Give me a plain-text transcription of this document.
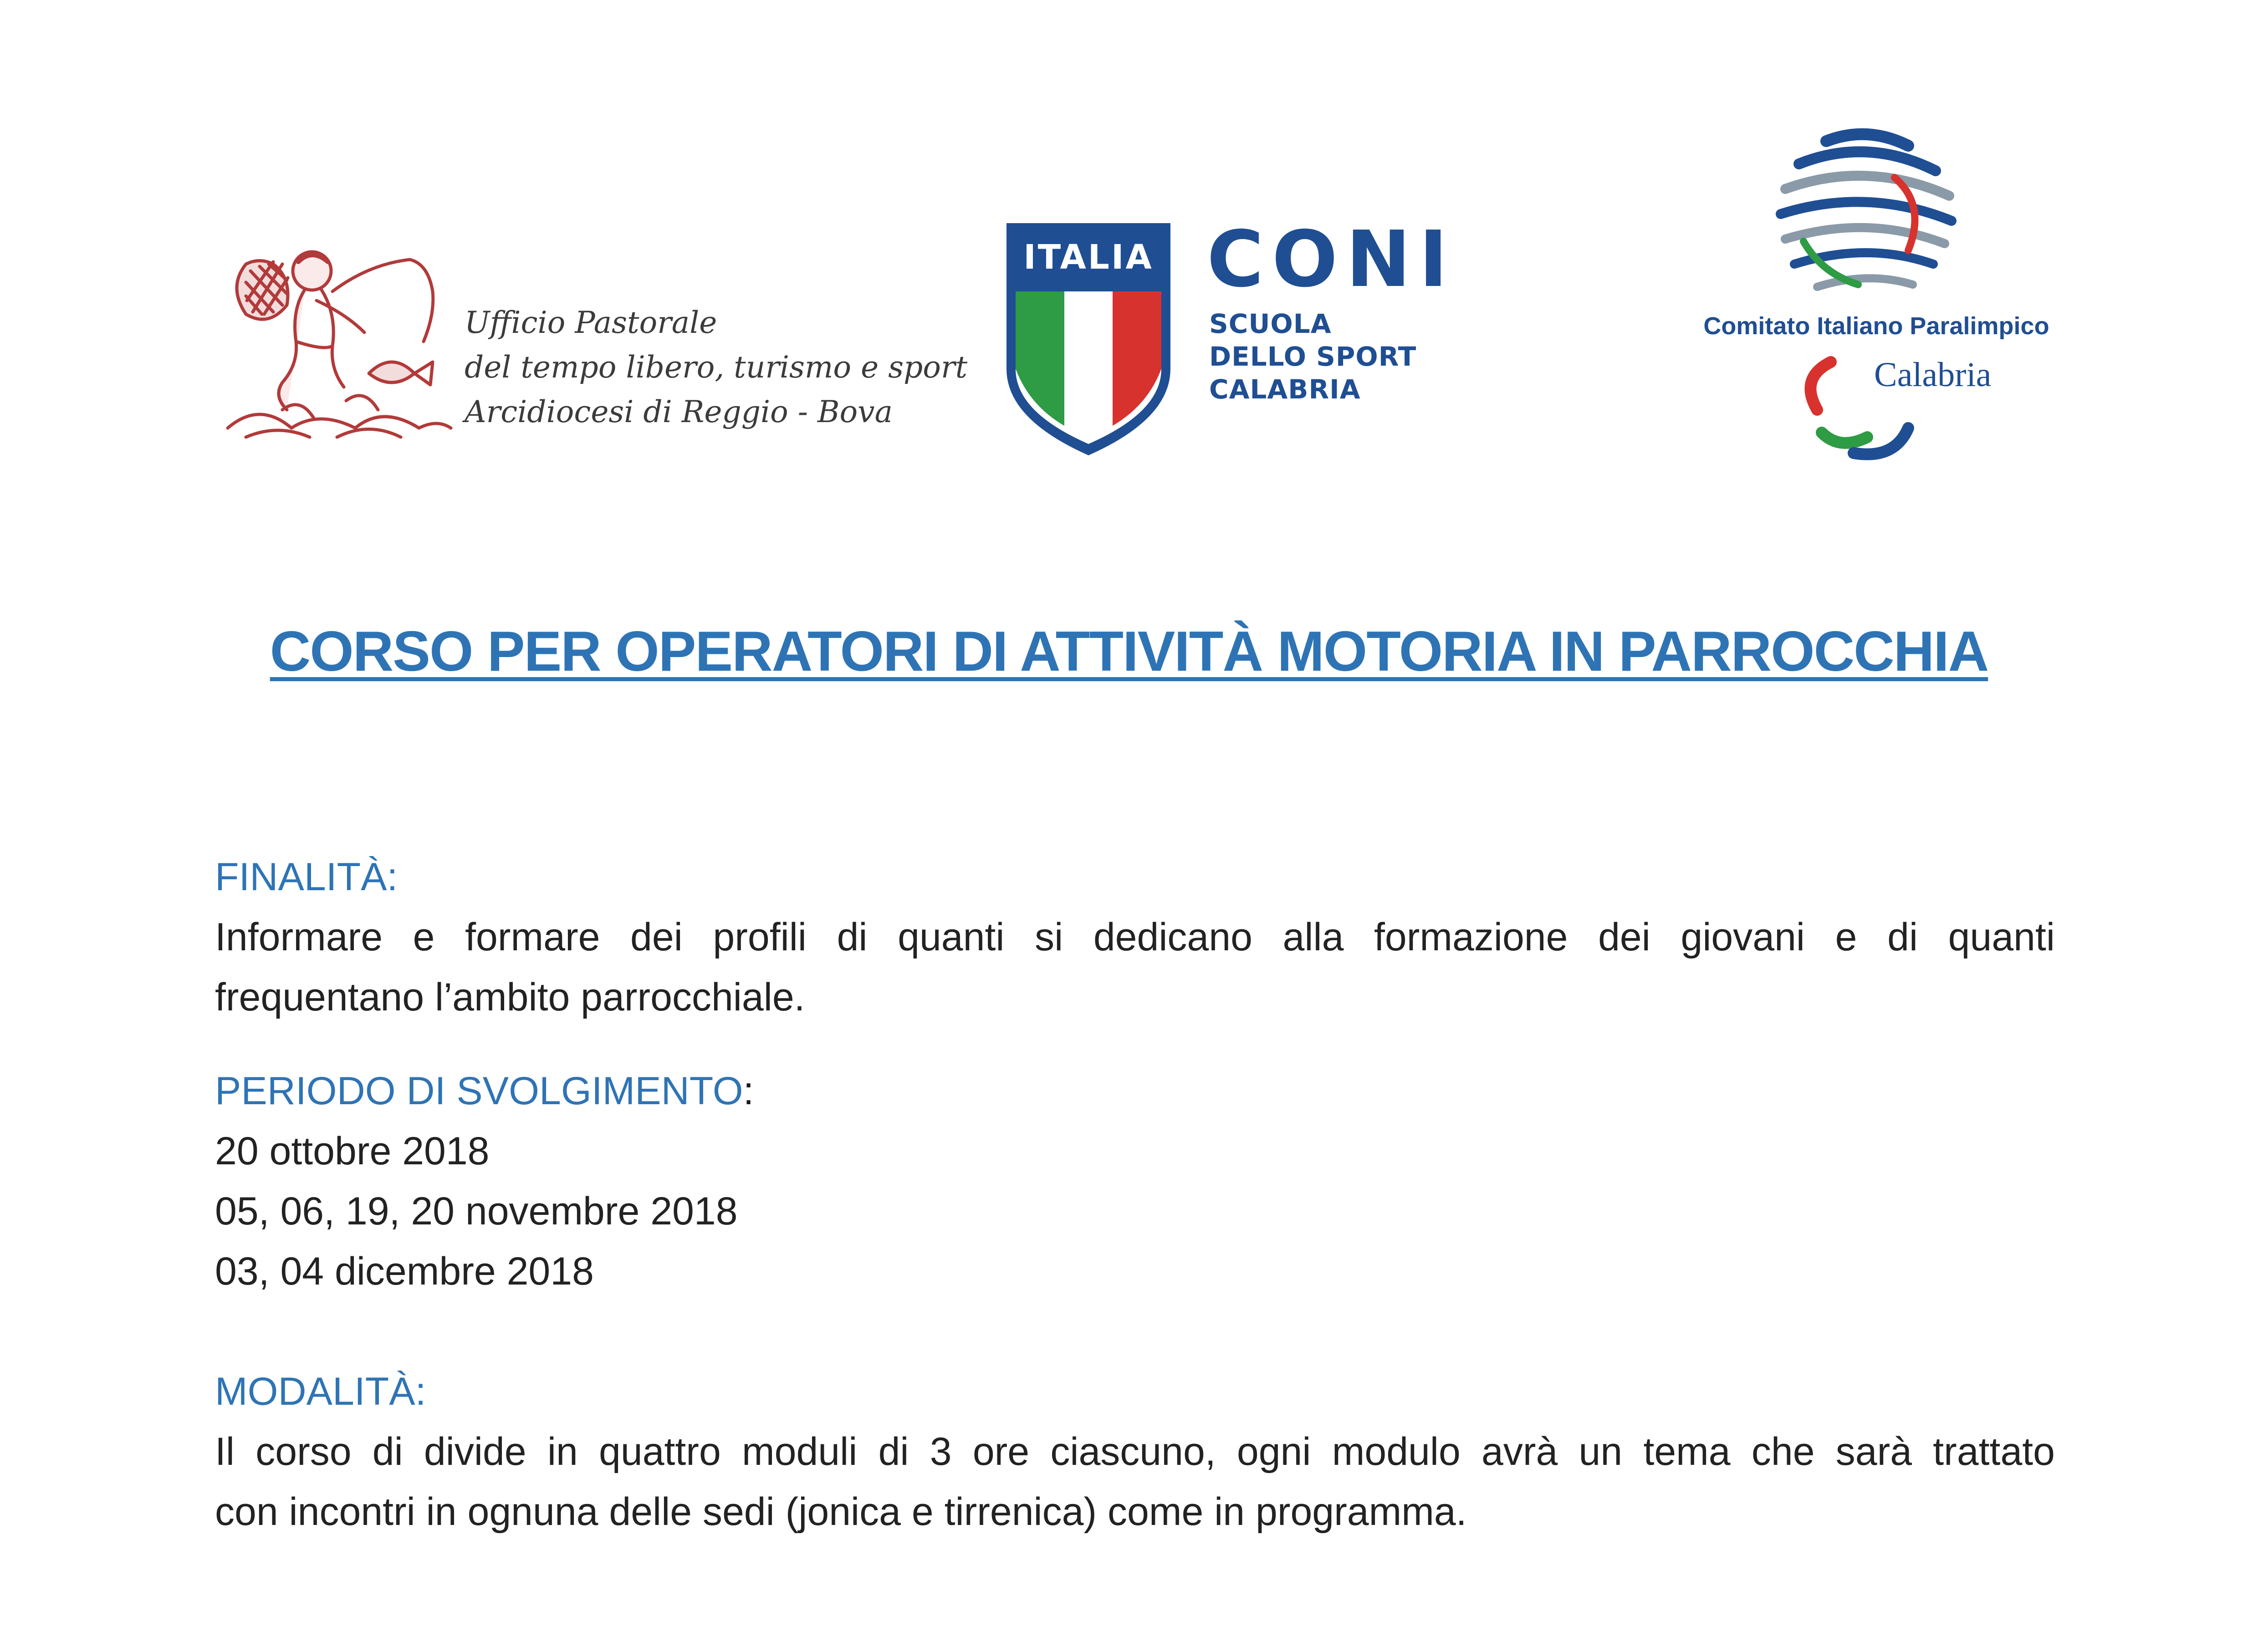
Ufficio Pastorale
del tempo libero, turismo e sport
Arcidiocesi di Reggio - Bova
ITALIA CONI
SCUOLA
DELLO SPORT
CALABRIA
Comitato Italiano Paralimpico
Calabria
CORSO PER OPERATORI DI ATTIVITÀ MOTORIA IN PARROCCHIA
FINALITÀ:
Informare e formare dei profili di quanti si dedicano alla formazione dei giovani e di quanti
frequentano l’ambito parrocchiale.
PERIODO DI SVOLGIMENTO:
20 ottobre 2018
05, 06, 19, 20 novembre 2018
03, 04 dicembre 2018
MODALITÀ:
Il corso di divide in quattro moduli di 3 ore ciascuno, ogni modulo avrà un tema che sarà trattato
con incontri in ognuna delle sedi (jonica e tirrenica) come in programma.
